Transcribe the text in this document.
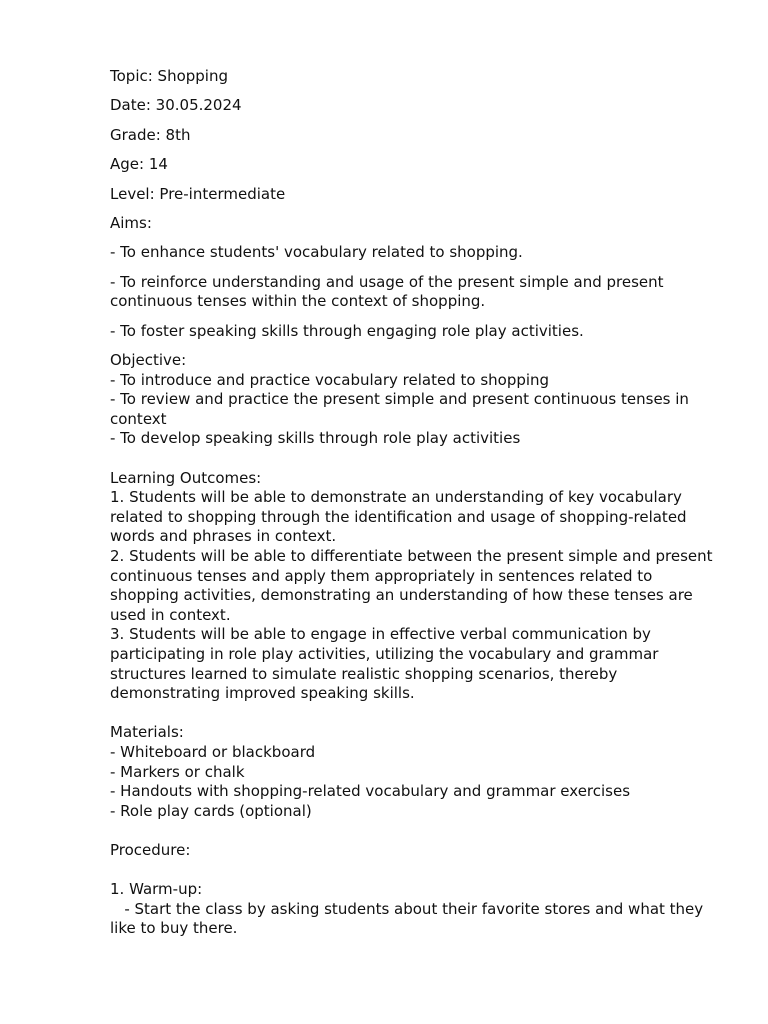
Topic: Shopping

Date: 30.05.2024

Grade: 8th

Age: 14

Level: Pre-intermediate

Aims:

- To enhance students' vocabulary related to shopping.

- To reinforce understanding and usage of the present simple and present continuous tenses within the context of shopping.

- To foster speaking skills through engaging role play activities.

Objective:

- To introduce and practice vocabulary related to shopping

- To review and practice the present simple and present continuous tenses in context

- To develop speaking skills through role play activities

Learning Outcomes:

1. Students will be able to demonstrate an understanding of key vocabulary related to shopping through the identification and usage of shopping-related words and phrases in context.

2. Students will be able to differentiate between the present simple and present continuous tenses and apply them appropriately in sentences related to shopping activities, demonstrating an understanding of how these tenses are used in context.

3. Students will be able to engage in effective verbal communication by participating in role play activities, utilizing the vocabulary and grammar structures learned to simulate realistic shopping scenarios, thereby demonstrating improved speaking skills.

Materials:

- Whiteboard or blackboard

- Markers or chalk

- Handouts with shopping-related vocabulary and grammar exercises

- Role play cards (optional)

Procedure:

1. Warm-up:

- Start the class by asking students about their favorite stores and what they like to buy there.
